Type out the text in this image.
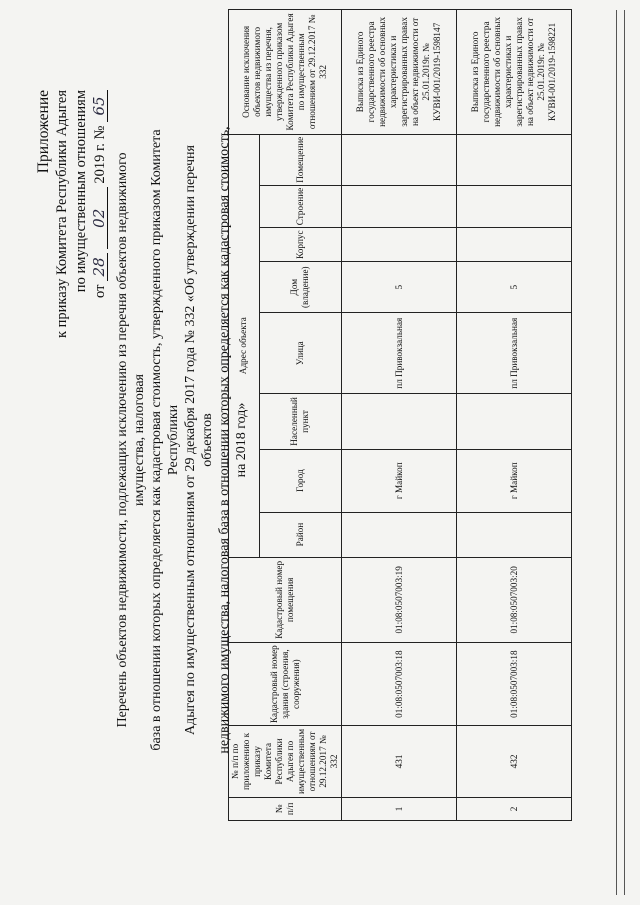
Приложение к приказу Комитета Республики Адыгея по имущественным отношениям от 28 02 2019 г. № 65
Перечень объектов недвижимости, подлежащих исключению из перечня объектов недвижимого имущества, налоговая база в отношении которых определяется как кадастровая стоимость, утвержденного приказом Комитета Республики Адыгея по имущественным отношениям от 29 декабря 2017 года № 332 «Об утверждении перечня объектов недвижимого имущества, налоговая база в отношении которых определяется как кадастровая стоимость, на 2018 год»
№ п/п	№ п/п по приложению к приказу Комитета Республики Адыгея по имущественным отношениям от 29.12.2017 № 332	Кадастровый номер здания (строения, сооружения)	Кадастровый номер помещения	Адрес объекта								Основание исключения объектов недвижимого имущества из перечня, утвержденного приказом Комитета Республики Адыгея по имущественным отношениям от 29.12.2017 № 332
				Район	Город	Населенный пункт	Улица	Дом (владение)	Корпус	Строение	Помещение	
1	431	01:08:0507003:18	01:08:0507003:19		г Майкоп		пл Привокзальная	5				Выписка из Единого государственного реестра недвижимости об основных характеристиках и зарегистрированных правах на объект недвижимости от 25.01.2019г. № КУВИ-001/2019-1598147
2	432	01:08:0507003:18	01:08:0507003:20		г Майкоп		пл Привокзальная	5				Выписка из Единого государственного реестра недвижимости об основных характеристиках и зарегистрированных правах на объект недвижимости от 25.01.2019г. № КУВИ-001/2019-1598221
